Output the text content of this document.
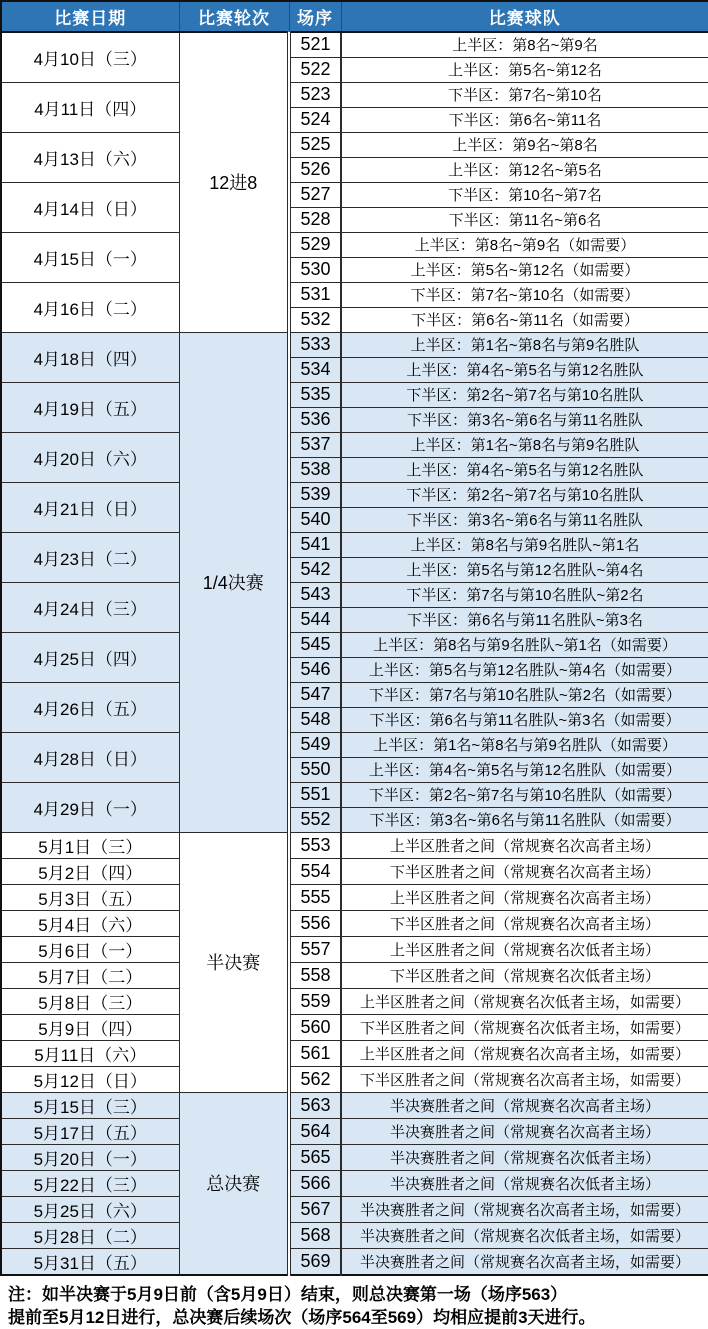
比赛日期	比赛轮次	场序	比赛球队
4月10日（三）	12进8	521	上半区：第8名~第9名
		522	上半区：第5名~第12名
4月11日（四）		523	下半区：第7名~第10名
		524	下半区：第6名~第11名
4月13日（六）		525	上半区：第9名~第8名
		526	上半区：第12名~第5名
4月14日（日）		527	下半区：第10名~第7名
		528	下半区：第11名~第6名
4月15日（一）		529	上半区：第8名~第9名（如需要）
		530	上半区：第5名~第12名（如需要）
4月16日（二）		531	下半区：第7名~第10名（如需要）
		532	下半区：第6名~第11名（如需要）
4月18日（四）	1/4决赛	533	上半区：第1名~第8名与第9名胜队
		534	上半区：第4名~第5名与第12名胜队
4月19日（五）		535	下半区：第2名~第7名与第10名胜队
		536	下半区：第3名~第6名与第11名胜队
4月20日（六）		537	上半区：第1名~第8名与第9名胜队
		538	上半区：第4名~第5名与第12名胜队
4月21日（日）		539	下半区：第2名~第7名与第10名胜队
		540	下半区：第3名~第6名与第11名胜队
4月23日（二）		541	上半区：第8名与第9名胜队~第1名
		542	上半区：第5名与第12名胜队~第4名
4月24日（三）		543	下半区：第7名与第10名胜队~第2名
		544	下半区：第6名与第11名胜队~第3名
4月25日（四）		545	上半区：第8名与第9名胜队~第1名（如需要）
		546	上半区：第5名与第12名胜队~第4名（如需要）
4月26日（五）		547	下半区：第7名与第10名胜队~第2名（如需要）
		548	下半区：第6名与第11名胜队~第3名（如需要）
4月28日（日）		549	上半区：第1名~第8名与第9名胜队（如需要）
		550	上半区：第4名~第5名与第12名胜队（如需要）
4月29日（一）		551	下半区：第2名~第7名与第10名胜队（如需要）
		552	下半区：第3名~第6名与第11名胜队（如需要）
5月1日（三）	半决赛	553	上半区胜者之间（常规赛名次高者主场）
5月2日（四）		554	下半区胜者之间（常规赛名次高者主场）
5月3日（五）		555	上半区胜者之间（常规赛名次高者主场）
5月4日（六）		556	下半区胜者之间（常规赛名次高者主场）
5月6日（一）		557	上半区胜者之间（常规赛名次低者主场）
5月7日（二）		558	下半区胜者之间（常规赛名次低者主场）
5月8日（三）		559	上半区胜者之间（常规赛名次低者主场，如需要）
5月9日（四）		560	下半区胜者之间（常规赛名次低者主场，如需要）
5月11日（六）		561	上半区胜者之间（常规赛名次高者主场，如需要）
5月12日（日）		562	下半区胜者之间（常规赛名次高者主场，如需要）
5月15日（三）	总决赛	563	半决赛胜者之间（常规赛名次高者主场）
5月17日（五）		564	半决赛胜者之间（常规赛名次高者主场）
5月20日（一）		565	半决赛胜者之间（常规赛名次低者主场）
5月22日（三）		566	半决赛胜者之间（常规赛名次低者主场）
5月25日（六）		567	半决赛胜者之间（常规赛名次高者主场，如需要）
5月28日（二）		568	半决赛胜者之间（常规赛名次低者主场，如需要）
5月31日（五）		569	半决赛胜者之间（常规赛名次高者主场，如需要）
注：如半决赛于5月9日前（含5月9日）结束，则总决赛第一场（场序563）
提前至5月12日进行，总决赛后续场次（场序564至569）均相应提前3天进行。
